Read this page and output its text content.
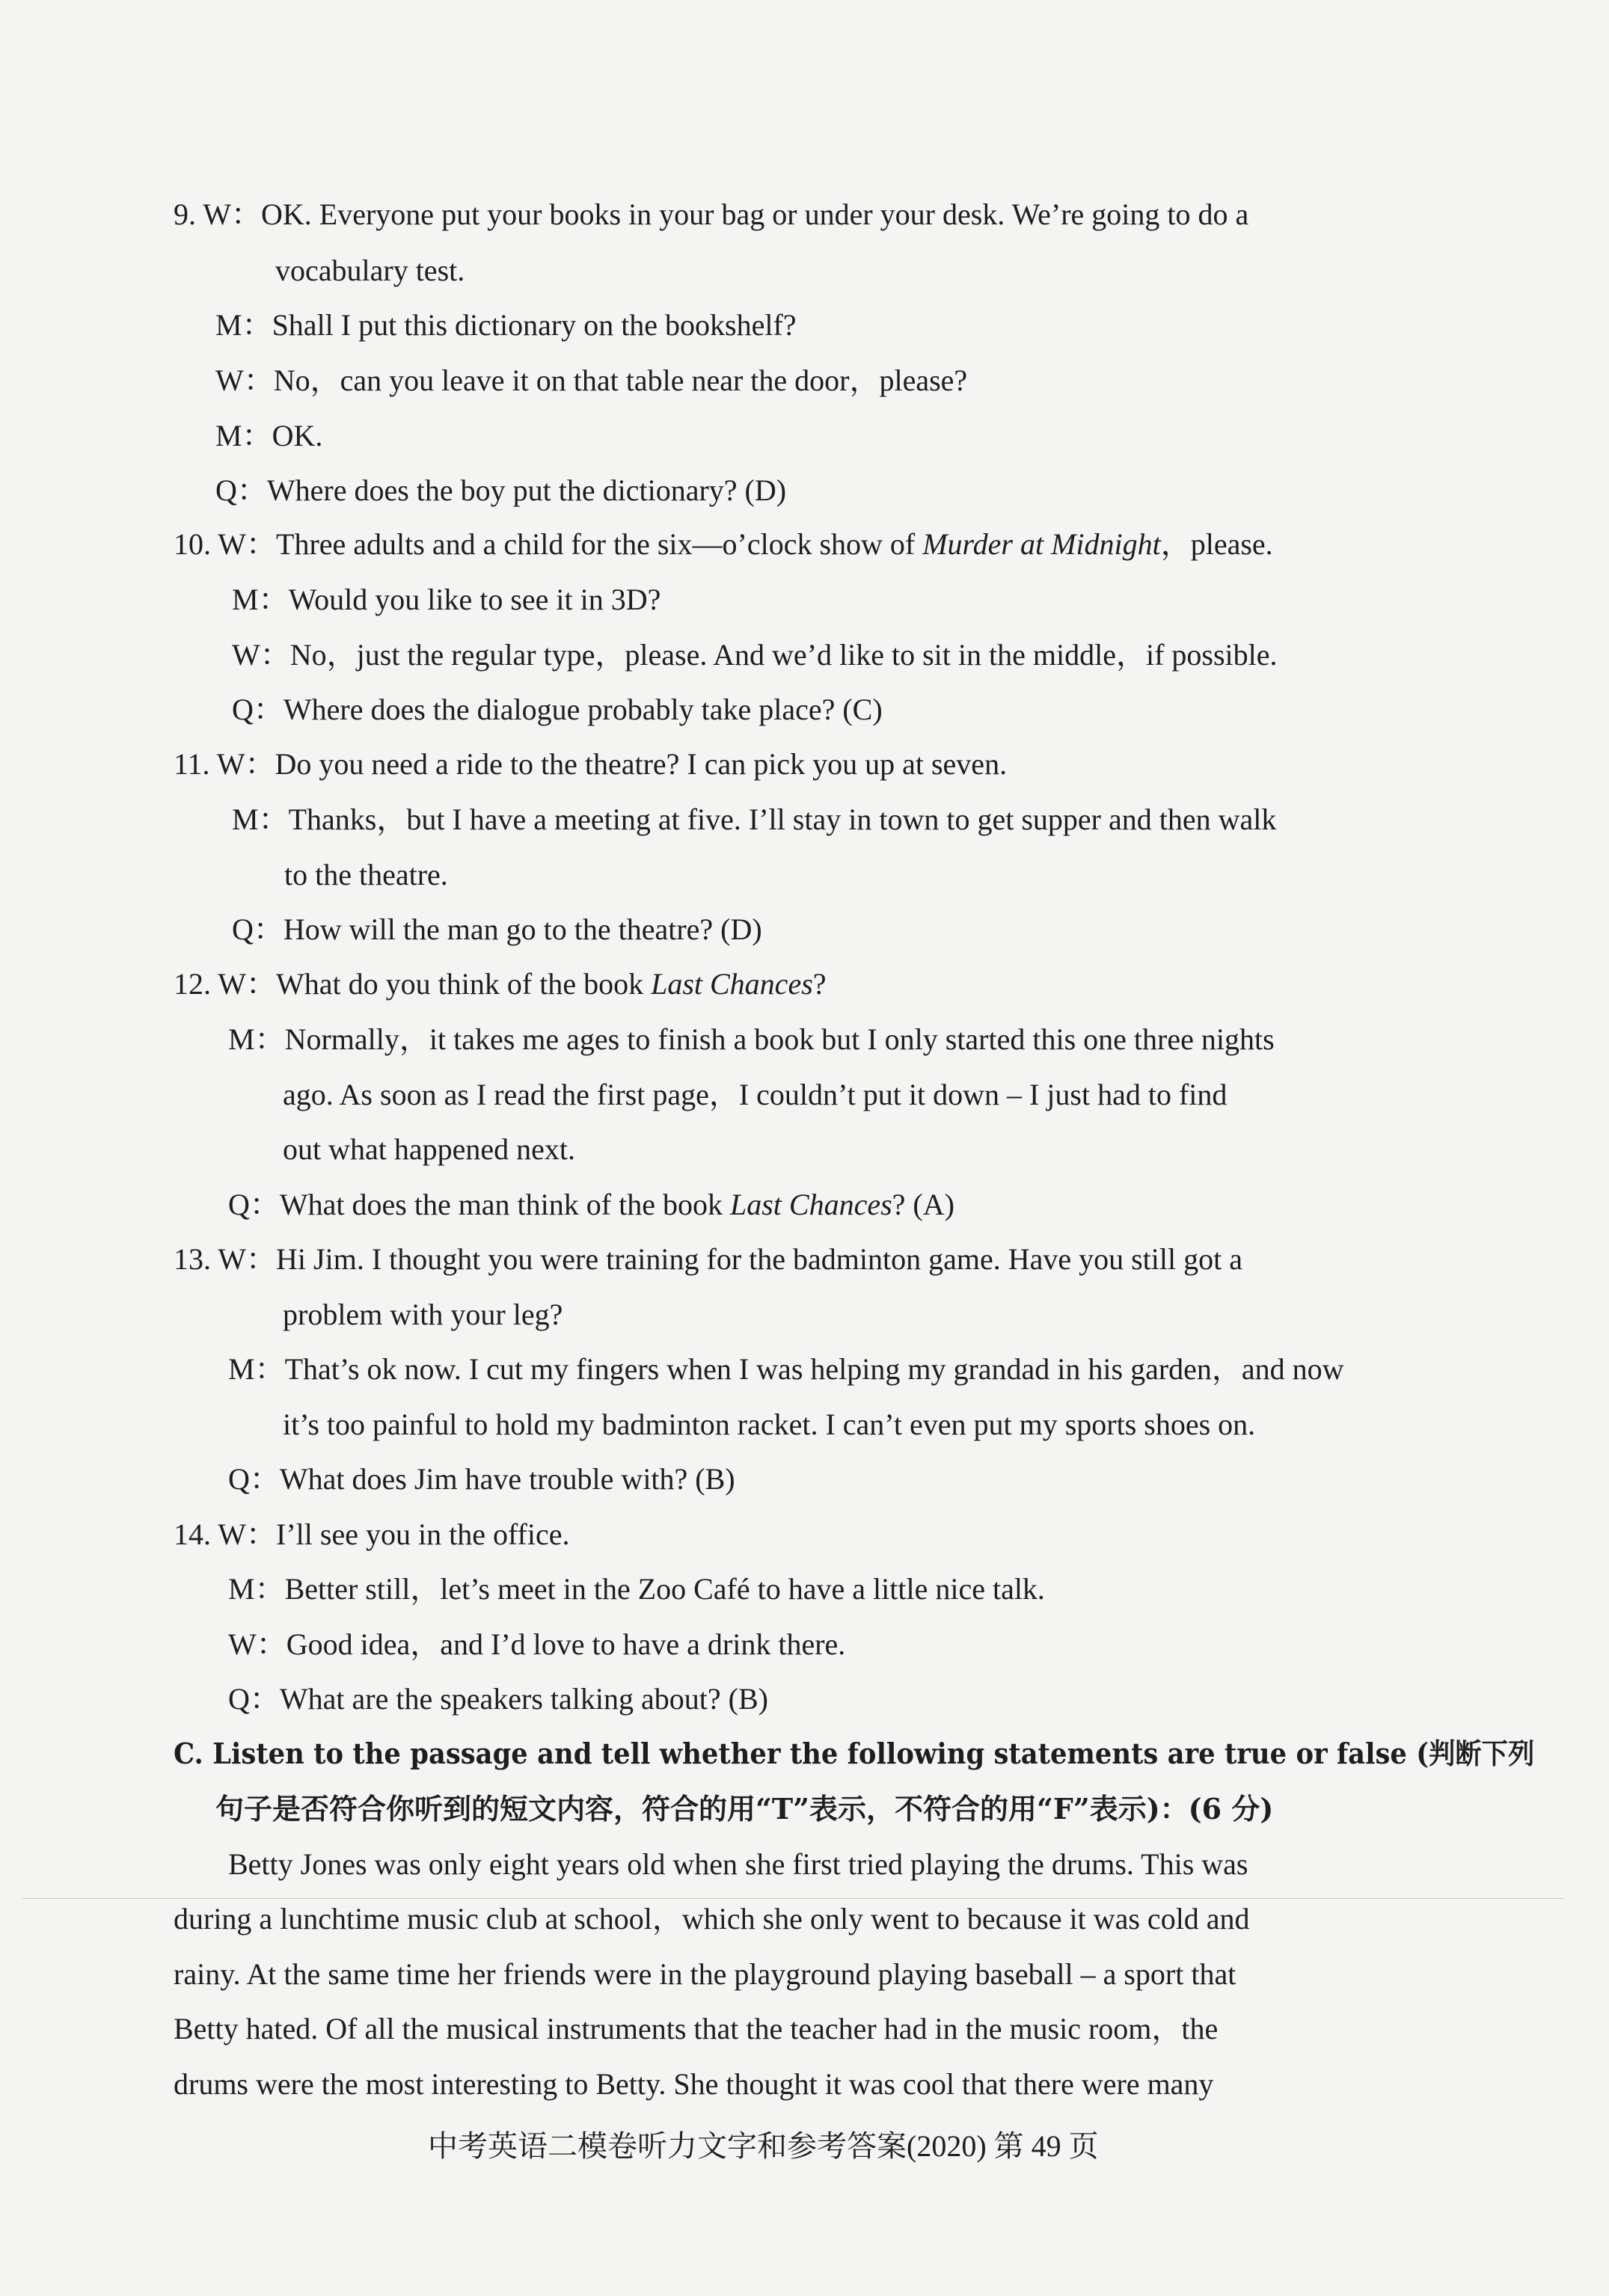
9. W：OK. Everyone put your books in your bag or under your desk. We’re going to do a
vocabulary test.
M：Shall I put this dictionary on the bookshelf?
W：No，can you leave it on that table near the door，please?
M：OK.
Q：Where does the boy put the dictionary? (D)
10. W：Three adults and a child for the six—o’clock show of Murder at Midnight，please.
M：Would you like to see it in 3D?
W：No，just the regular type，please. And we’d like to sit in the middle，if possible.
Q：Where does the dialogue probably take place? (C)
11. W：Do you need a ride to the theatre? I can pick you up at seven.
M：Thanks，but I have a meeting at five. I’ll stay in town to get supper and then walk
to the theatre.
Q：How will the man go to the theatre? (D)
12. W：What do you think of the book Last Chances?
M：Normally，it takes me ages to finish a book but I only started this one three nights
ago. As soon as I read the first page，I couldn’t put it down – I just had to find
out what happened next.
Q：What does the man think of the book Last Chances? (A)
13. W：Hi Jim. I thought you were training for the badminton game. Have you still got a
problem with your leg?
M：That’s ok now. I cut my fingers when I was helping my grandad in his garden，and now
it’s too painful to hold my badminton racket. I can’t even put my sports shoes on.
Q：What does Jim have trouble with? (B)
14. W：I’ll see you in the office.
M：Better still，let’s meet in the Zoo Café to have a little nice talk.
W：Good idea，and I’d love to have a drink there.
Q：What are the speakers talking about? (B)
C. Listen to the passage and tell whether the following statements are true or false (判断下列
句子是否符合你听到的短文内容，符合的用“T”表示，不符合的用“F”表示)：(6 分)
Betty Jones was only eight years old when she first tried playing the drums. This was
during a lunchtime music club at school，which she only went to because it was cold and
rainy. At the same time her friends were in the playground playing baseball – a sport that
Betty hated. Of all the musical instruments that the teacher had in the music room，the
drums were the most interesting to Betty. She thought it was cool that there were many
中考英语二模卷听力文字和参考答案(2020) 第 49 页
